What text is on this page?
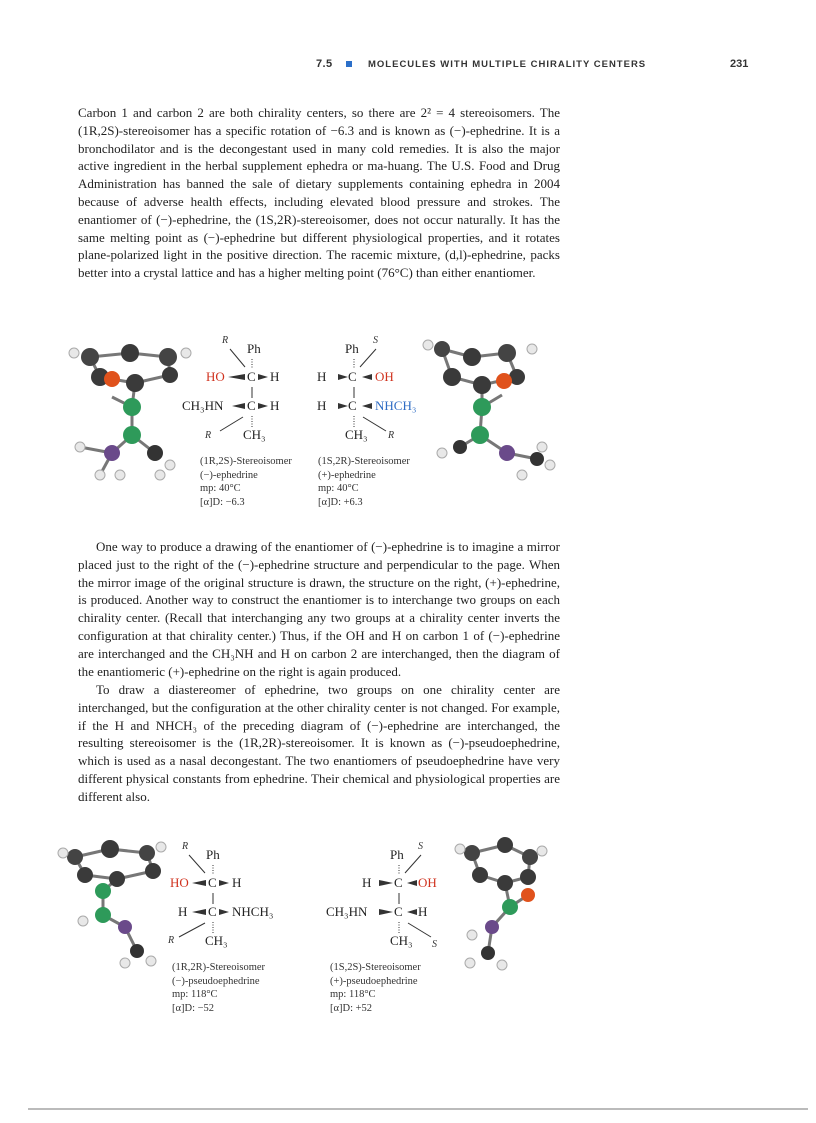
7.5	MOLECULES WITH MULTIPLE CHIRALITY CENTERS	231

Carbon 1 and carbon 2 are both chirality centers, so there are 2² = 4 stereoisomers. The (1R,2S)-stereoisomer has a specific rotation of −6.3 and is known as (−)-ephedrine. It is a bronchodilator and is the decongestant used in many cold remedies. It is also the major active ingredient in the herbal supplement ephedra or ma-huang. The U.S. Food and Drug Administration has banned the sale of dietary supplements containing ephedra in 2004 because of adverse health effects, including elevated blood pressure and strokes. The enantiomer of (−)-ephedrine, the (1S,2R)-stereoisomer, does not occur naturally. It has the same melting point as (−)-ephedrine but different physiological properties, and it rotates plane-polarized light in the positive direction. The racemic mixture, (d,l)-ephedrine, packs better into a crystal lattice and has a higher melting point (76°C) than either enantiomer.

R
Ph
HO C H
CH₃HN C H
R CH₃
(1R,2S)-Stereoisomer
(−)-ephedrine
mp: 40°C
[α]D: −6.3
Ph
S
H C OH
H C NHCH₃
CH₃ R
(1S,2R)-Stereoisomer
(+)-ephedrine
mp: 40°C
[α]D: +6.3

One way to produce a drawing of the enantiomer of (−)-ephedrine is to imagine a mirror placed just to the right of the (−)-ephedrine structure and perpendicular to the page. When the mirror image of the original structure is drawn, the structure on the right, (+)-ephedrine, is produced. Another way to construct the enantiomer is to interchange two groups on each chirality center. (Recall that interchanging any two groups at a chirality center inverts the configuration at that chirality center.) Thus, if the OH and H on carbon 1 of (−)-ephedrine are interchanged and the CH₃NH and H on carbon 2 are interchanged, then the diagram of the enantiomeric (+)-ephedrine on the right is again produced.

To draw a diastereomer of ephedrine, two groups on one chirality center are interchanged, but the configuration at the other chirality center is not changed. For example, if the H and NHCH₃ of the preceding diagram of (−)-ephedrine are interchanged, the resulting stereoisomer is the (1R,2R)-stereoisomer. It is known as (−)-pseudoephedrine, which is used as a nasal decongestant. The two enantiomers of pseudoephedrine have very different physical constants from ephedrine. Their chemical and physiological properties are different also.

R
Ph
HO C H
H C NHCH₃
R CH₃
(1R,2R)-Stereoisomer
(−)-pseudoephedrine
mp: 118°C
[α]D: −52
Ph
S
H C OH
CH₃HN C H
CH₃ S
(1S,2S)-Stereoisomer
(+)-pseudoephedrine
mp: 118°C
[α]D: +52
